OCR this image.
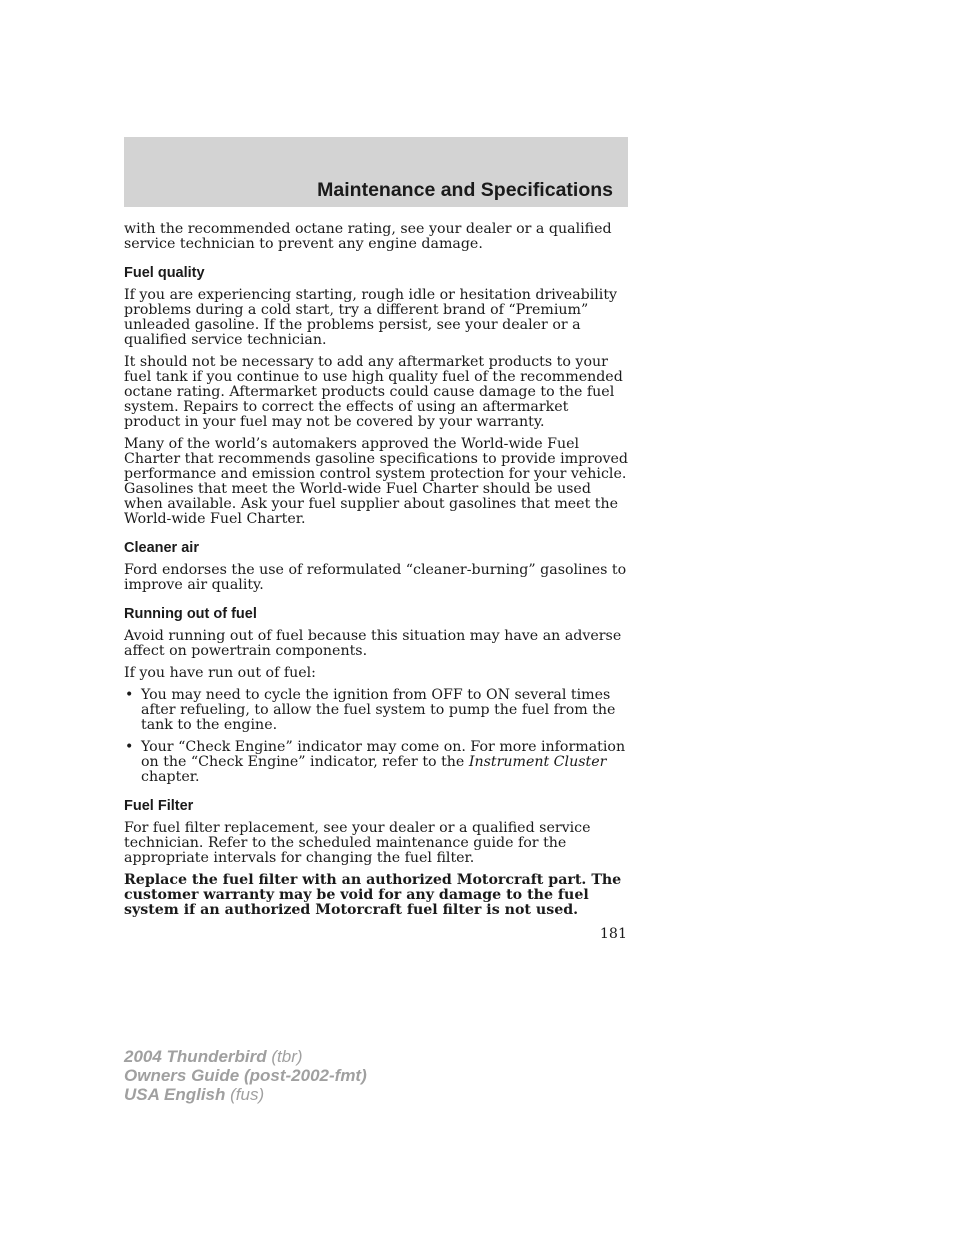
Maintenance and Specifications

with the recommended octane rating, see your dealer or a qualified service technician to prevent any engine damage.

Fuel quality

If you are experiencing starting, rough idle or hesitation driveability problems during a cold start, try a different brand of “Premium” unleaded gasoline. If the problems persist, see your dealer or a qualified service technician.

It should not be necessary to add any aftermarket products to your fuel tank if you continue to use high quality fuel of the recommended octane rating. Aftermarket products could cause damage to the fuel system. Repairs to correct the effects of using an aftermarket product in your fuel may not be covered by your warranty.

Many of the world’s automakers approved the World-wide Fuel Charter that recommends gasoline specifications to provide improved performance and emission control system protection for your vehicle. Gasolines that meet the World-wide Fuel Charter should be used when available. Ask your fuel supplier about gasolines that meet the World-wide Fuel Charter.

Cleaner air

Ford endorses the use of reformulated “cleaner-burning” gasolines to improve air quality.

Running out of fuel

Avoid running out of fuel because this situation may have an adverse affect on powertrain components.

If you have run out of fuel:

• You may need to cycle the ignition from OFF to ON several times after refueling, to allow the fuel system to pump the fuel from the tank to the engine.
• Your “Check Engine” indicator may come on. For more information on the “Check Engine” indicator, refer to the Instrument Cluster chapter.
Fuel Filter

For fuel filter replacement, see your dealer or a qualified service technician. Refer to the scheduled maintenance guide for the appropriate intervals for changing the fuel filter.

Replace the fuel filter with an authorized Motorcraft part. The customer warranty may be void for any damage to the fuel system if an authorized Motorcraft fuel filter is not used.

181
2004 Thunderbird (tbr)
Owners Guide (post-2002-fmt)
USA English (fus)
